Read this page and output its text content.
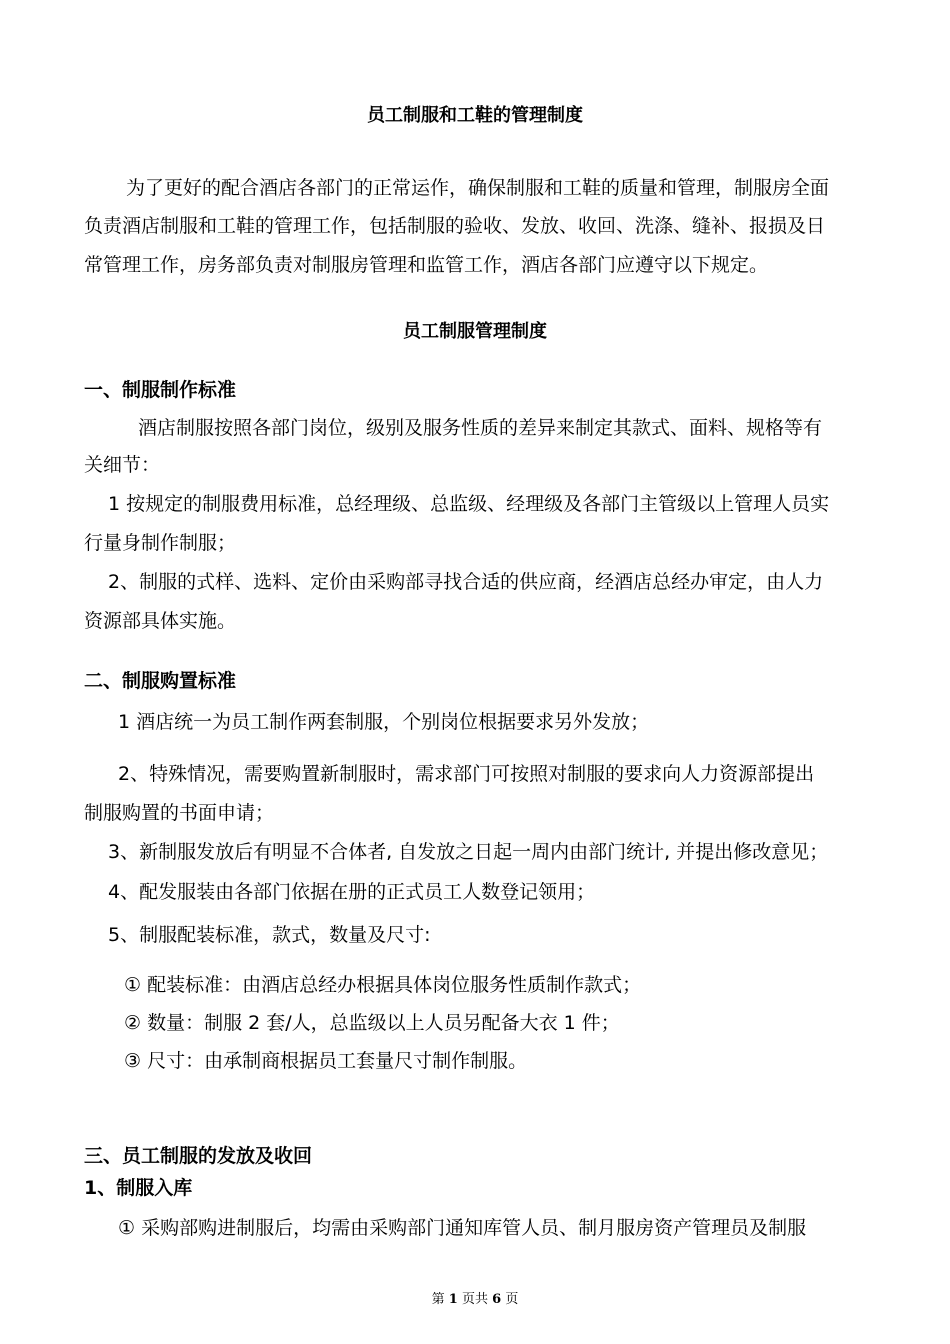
员工制服和工鞋的管理制度
为了更好的配合酒店各部门的正常运作，确保制服和工鞋的质量和管理，制服房全面
负责酒店制服和工鞋的管理工作，包括制服的验收、发放、收回、洗涤、缝补、报损及日
常管理工作，房务部负责对制服房管理和监管工作，酒店各部门应遵守以下规定。
员工制服管理制度
一、制服制作标准
酒店制服按照各部门岗位，级别及服务性质的差异来制定其款式、面料、规格等有
关细节：
1 按规定的制服费用标准，总经理级、总监级、经理级及各部门主管级以上管理人员实
行量身制作制服；
2、制服的式样、选料、定价由采购部寻找合适的供应商，经酒店总经办审定，由人力
资源部具体实施。
二、制服购置标准
1 酒店统一为员工制作两套制服，个别岗位根据要求另外发放；
2、特殊情况，需要购置新制服时，需求部门可按照对制服的要求向人力资源部提出
制服购置的书面申请；
3、新制服发放后有明显不合体者, 自发放之日起一周内由部门统计, 并提出修改意见；
4、配发服装由各部门依据在册的正式员工人数登记领用；
5、制服配装标准，款式，数量及尺寸:
① 配装标准：由酒店总经办根据具体岗位服务性质制作款式；
② 数量：制服 2 套/人，总监级以上人员另配备大衣 1 件；
③ 尺寸：由承制商根据员工套量尺寸制作制服。
三、员工制服的发放及收回
1、制服入库
① 采购部购进制服后，均需由采购部门通知库管人员、制月服房资产管理员及制服
第 1 页共 6 页
